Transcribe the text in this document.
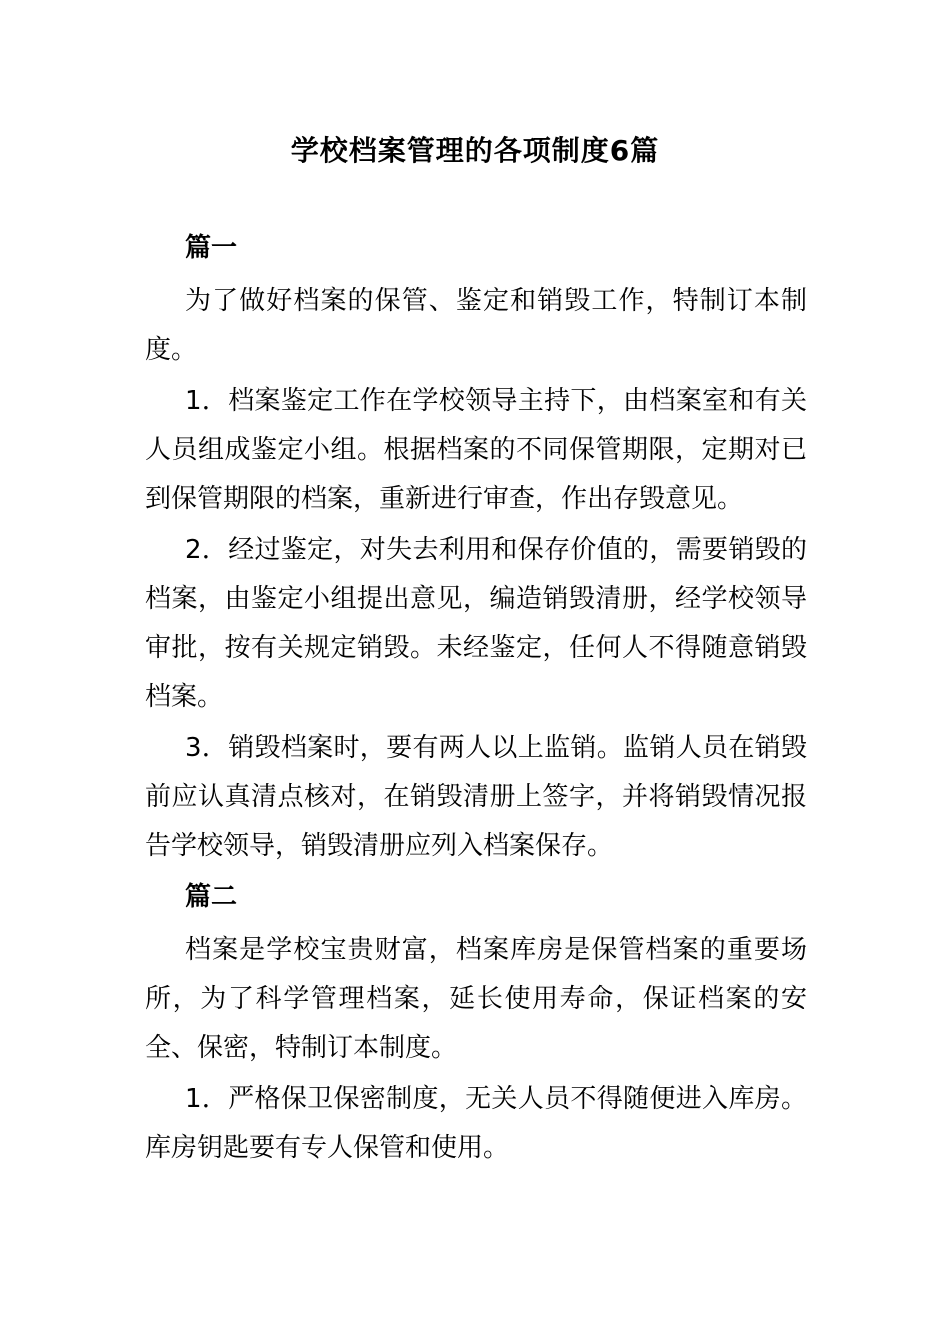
学校档案管理的各项制度6篇
篇一

为了做好档案的保管、鉴定和销毁工作，特制订本制度。

1．档案鉴定工作在学校领导主持下，由档案室和有关人员组成鉴定小组。根据档案的不同保管期限，定期对已到保管期限的档案，重新进行审查，作出存毁意见。

2．经过鉴定，对失去利用和保存价值的，需要销毁的档案，由鉴定小组提出意见，编造销毁清册，经学校领导审批，按有关规定销毁。未经鉴定，任何人不得随意销毁档案。

3．销毁档案时，要有两人以上监销。监销人员在销毁前应认真清点核对，在销毁清册上签字，并将销毁情况报告学校领导，销毁清册应列入档案保存。

篇二

档案是学校宝贵财富，档案库房是保管档案的重要场所，为了科学管理档案，延长使用寿命，保证档案的安全、保密，特制订本制度。

1．严格保卫保密制度，无关人员不得随便进入库房。库房钥匙要有专人保管和使用。
